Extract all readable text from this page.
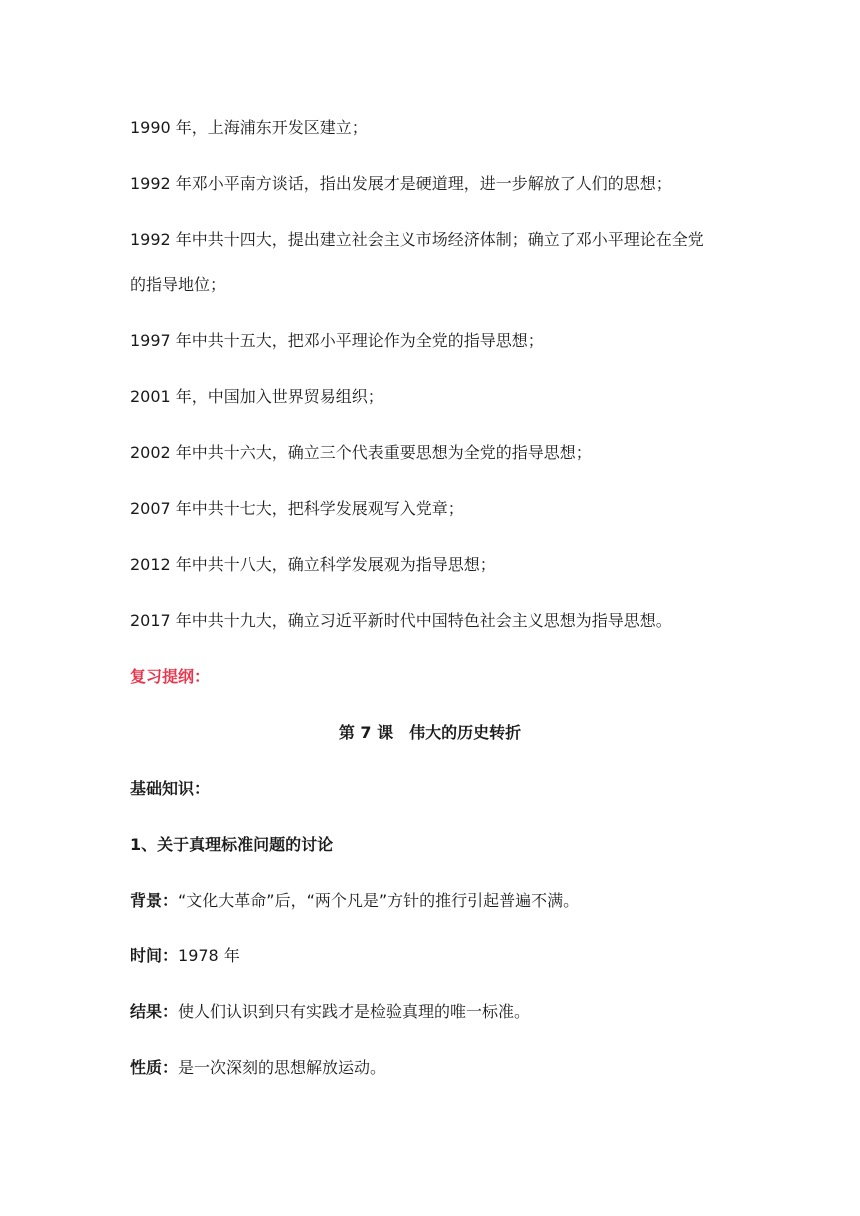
1990 年，上海浦东开发区建立；
1992 年邓小平南方谈话，指出发展才是硬道理，进一步解放了人们的思想；
1992 年中共十四大，提出建立社会主义市场经济体制；确立了邓小平理论在全党
的指导地位；
1997 年中共十五大，把邓小平理论作为全党的指导思想；
2001 年，中国加入世界贸易组织；
2002 年中共十六大，确立三个代表重要思想为全党的指导思想；
2007 年中共十七大，把科学发展观写入党章；
2012 年中共十八大，确立科学发展观为指导思想；
2017 年中共十九大，确立习近平新时代中国特色社会主义思想为指导思想。
复习提纲：
第 7 课　伟大的历史转折
基础知识：
1、关于真理标准问题的讨论
背景：“文化大革命”后，“两个凡是”方针的推行引起普遍不满。
时间：1978 年
结果：使人们认识到只有实践才是检验真理的唯一标准。
性质：是一次深刻的思想解放运动。
